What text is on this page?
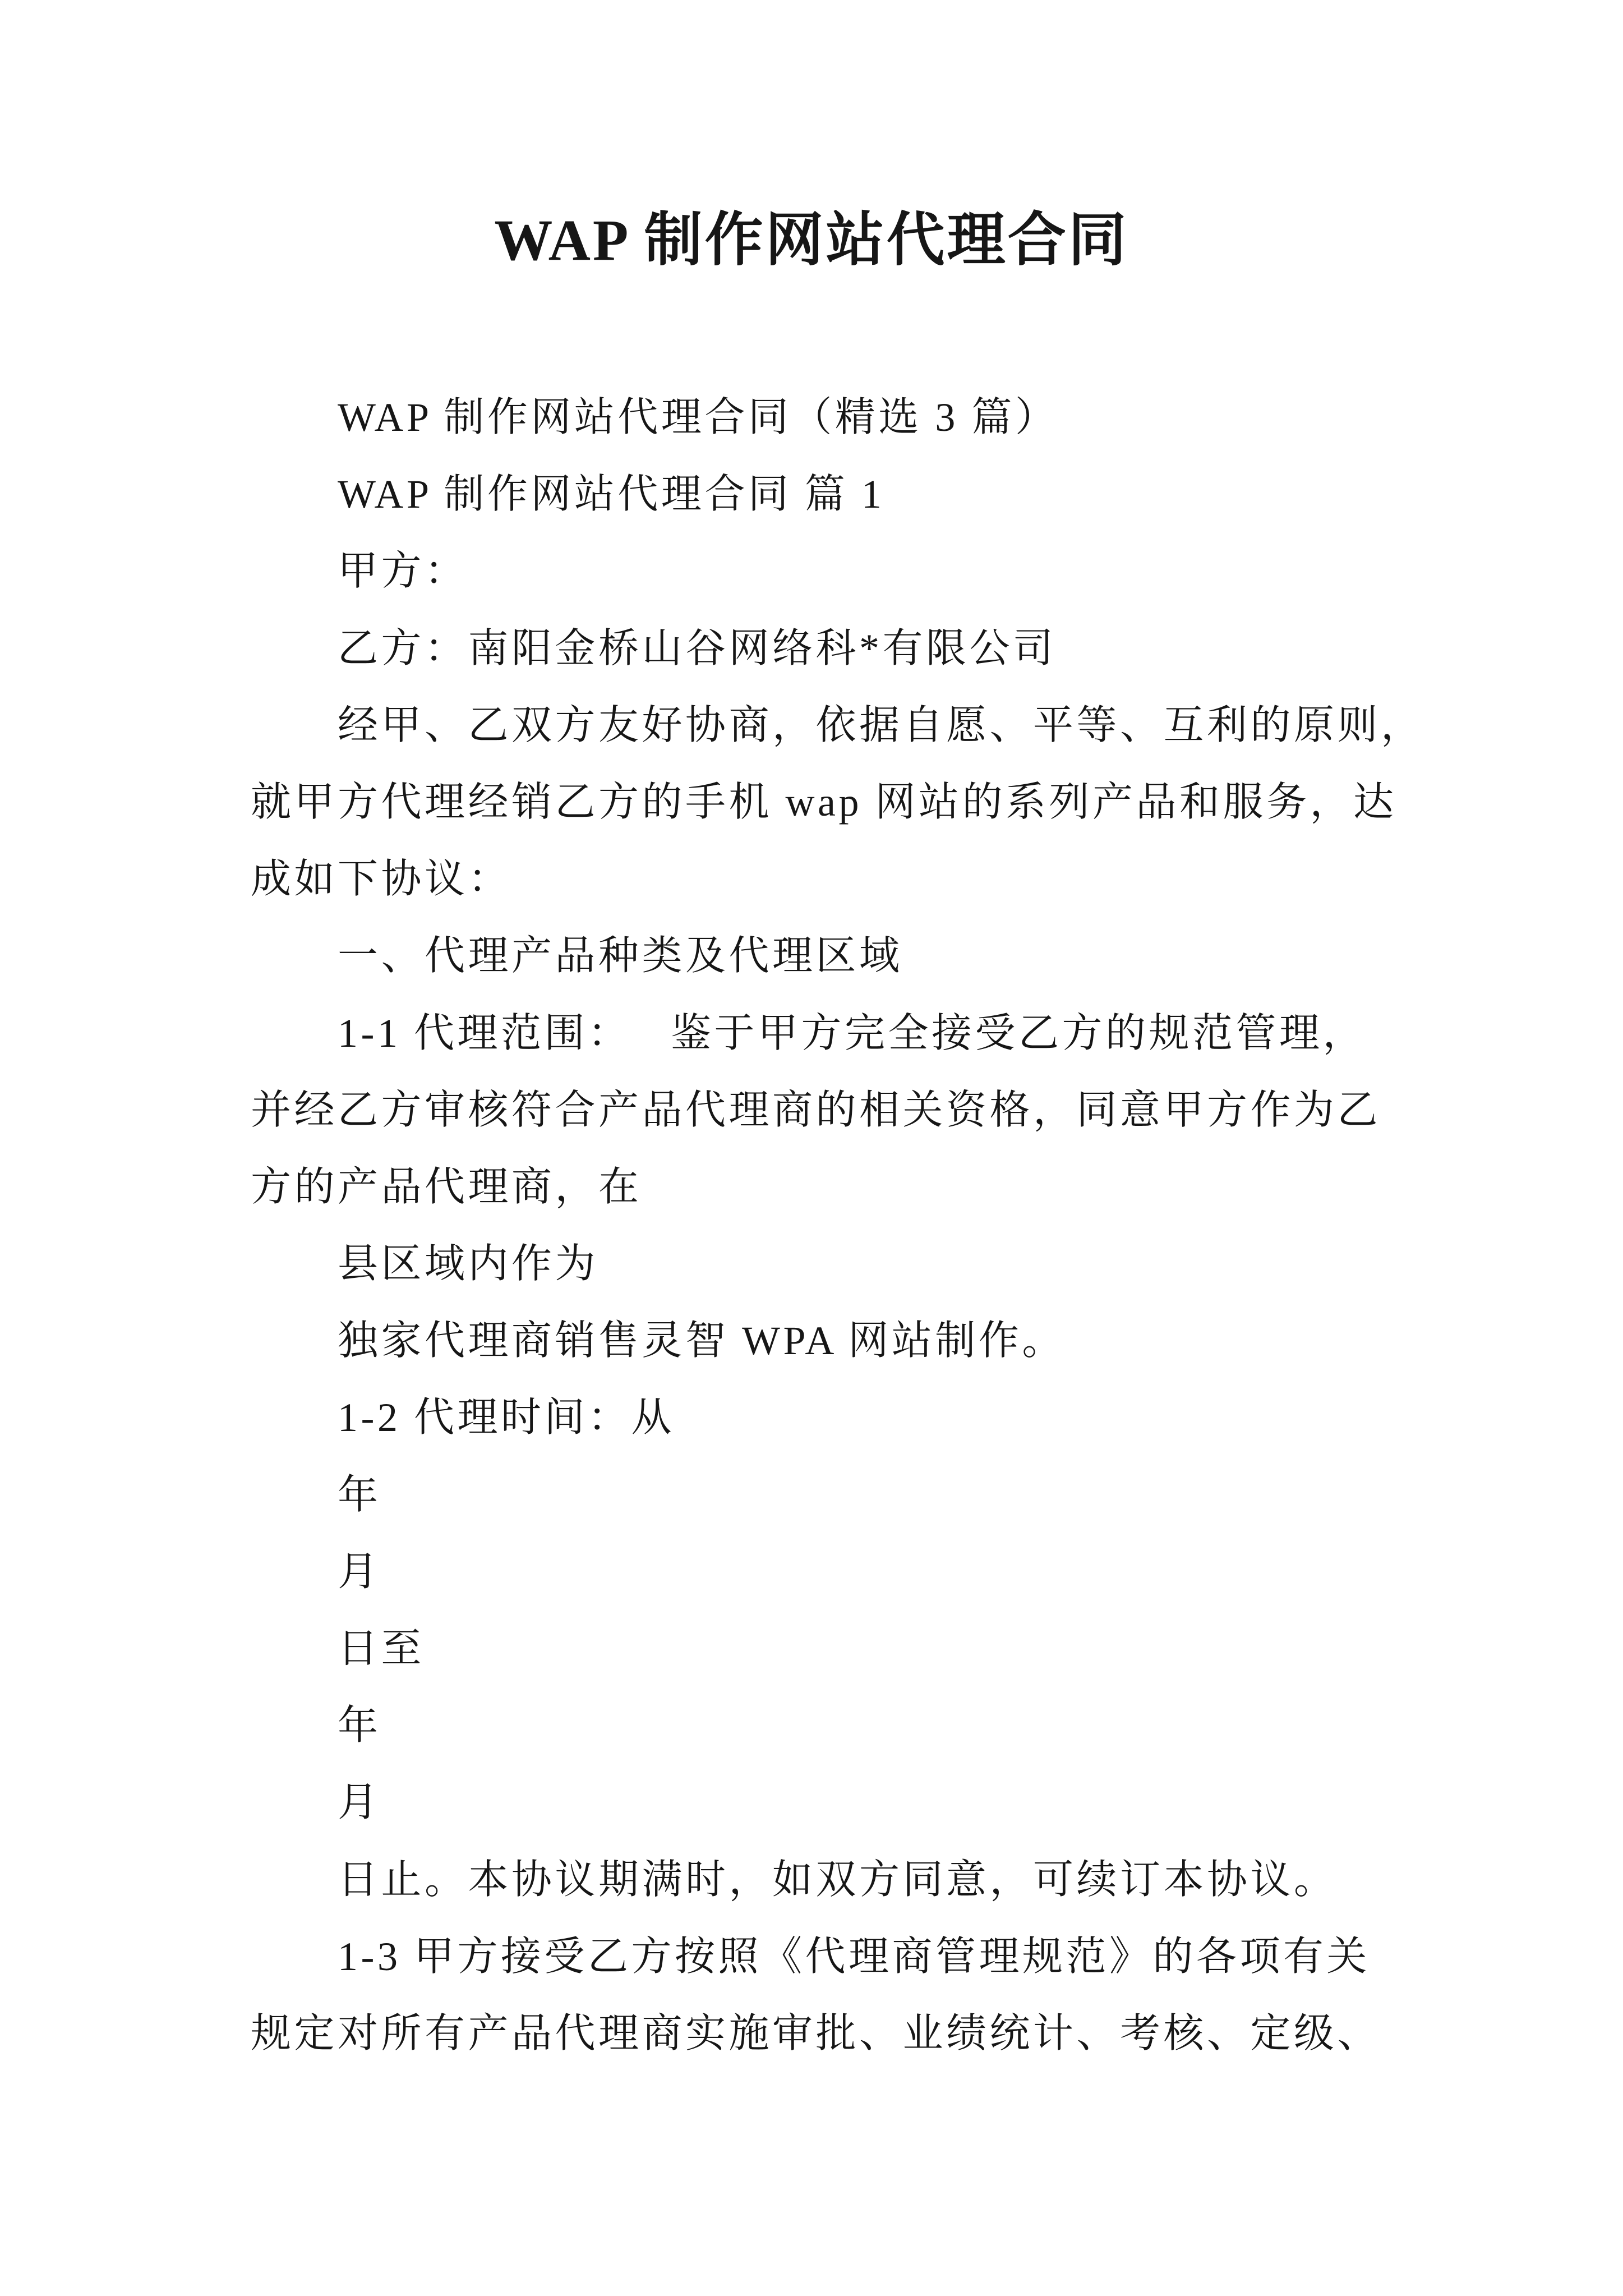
WAP 制作网站代理合同
WAP 制作网站代理合同（精选 3 篇）
WAP 制作网站代理合同 篇 1
甲方：
乙方：南阳金桥山谷网络科*有限公司
经甲、乙双方友好协商，依据自愿、平等、互利的原则，
就甲方代理经销乙方的手机 wap 网站的系列产品和服务，达
成如下协议：
一、代理产品种类及代理区域
1-1 代理范围：   鉴于甲方完全接受乙方的规范管理，
并经乙方审核符合产品代理商的相关资格，同意甲方作为乙
方的产品代理商，在
县区域内作为
独家代理商销售灵智 WPA 网站制作。
1-2 代理时间：从
年
月
日至
年
月
日止。本协议期满时，如双方同意，可续订本协议。
1-3 甲方接受乙方按照《代理商管理规范》的各项有关
规定对所有产品代理商实施审批、业绩统计、考核、定级、
